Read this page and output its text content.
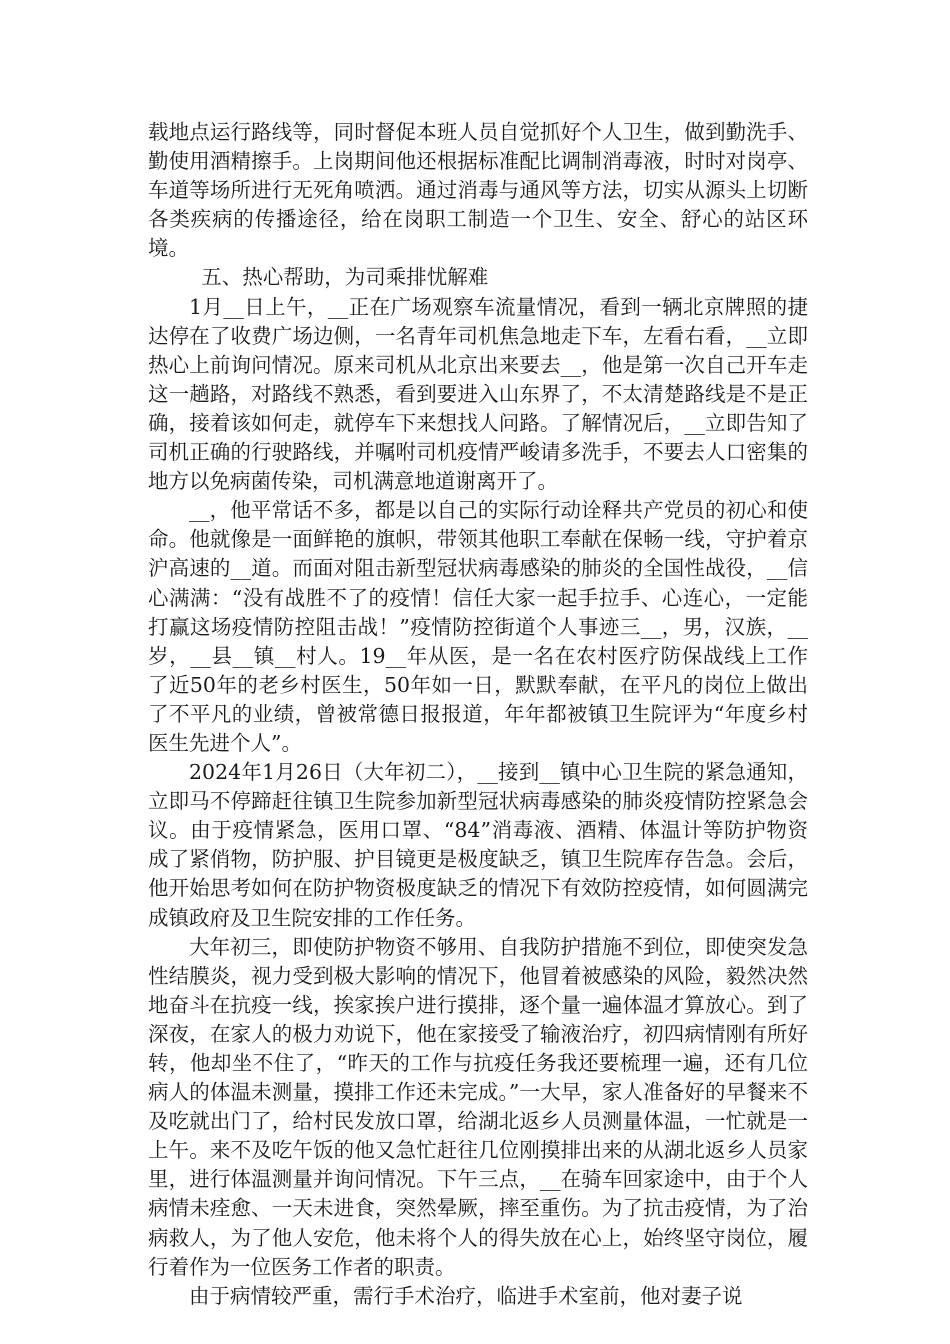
载地点运行路线等，同时督促本班人员自觉抓好个人卫生，做到勤洗手、勤使用酒精擦手。上岗期间他还根据标准配比调制消毒液，时时对岗亭、车道等场所进行无死角喷洒。通过消毒与通风等方法，切实从源头上切断各类疾病的传播途径，给在岗职工制造一个卫生、安全、舒心的站区环境。

五、热心帮助，为司乘排忧解难

1月__日上午，__正在广场观察车流量情况，看到一辆北京牌照的捷达停在了收费广场边侧，一名青年司机焦急地走下车，左看右看，__立即热心上前询问情况。原来司机从北京出来要去__，他是第一次自己开车走这一趟路，对路线不熟悉，看到要进入山东界了，不太清楚路线是不是正确，接着该如何走，就停车下来想找人问路。了解情况后，__立即告知了司机正确的行驶路线，并嘱咐司机疫情严峻请多洗手，不要去人口密集的地方以免病菌传染，司机满意地道谢离开了。

__，他平常话不多，都是以自己的实际行动诠释共产党员的初心和使命。他就像是一面鲜艳的旗帜，带领其他职工奉献在保畅一线，守护着京沪高速的__道。而面对阻击新型冠状病毒感染的肺炎的全国性战役，__信心满满：“没有战胜不了的疫情！信任大家一起手拉手、心连心，一定能打赢这场疫情防控阻击战！”疫情防控街道个人事迹三__，男，汉族，__岁，__县__镇__村人。19__年从医，是一名在农村医疗防保战线上工作了近50年的老乡村医生，50年如一日，默默奉献，在平凡的岗位上做出了不平凡的业绩，曾被常德日报报道，年年都被镇卫生院评为“年度乡村医生先进个人”。

2024年1月26日（大年初二），__接到__镇中心卫生院的紧急通知，立即马不停蹄赶往镇卫生院参加新型冠状病毒感染的肺炎疫情防控紧急会议。由于疫情紧急，医用口罩、“84”消毒液、酒精、体温计等防护物资成了紧俏物，防护服、护目镜更是极度缺乏，镇卫生院库存告急。会后，他开始思考如何在防护物资极度缺乏的情况下有效防控疫情，如何圆满完成镇政府及卫生院安排的工作任务。

大年初三，即使防护物资不够用、自我防护措施不到位，即使突发急性结膜炎，视力受到极大影响的情况下，他冒着被感染的风险，毅然决然地奋斗在抗疫一线，挨家挨户进行摸排，逐个量一遍体温才算放心。到了深夜，在家人的极力劝说下，他在家接受了输液治疗，初四病情刚有所好转，他却坐不住了，“昨天的工作与抗疫任务我还要梳理一遍，还有几位病人的体温未测量，摸排工作还未完成。”一大早，家人准备好的早餐来不及吃就出门了，给村民发放口罩，给湖北返乡人员测量体温，一忙就是一上午。来不及吃午饭的他又急忙赶往几位刚摸排出来的从湖北返乡人员家里，进行体温测量并询问情况。下午三点，__在骑车回家途中，由于个人病情未痊愈、一天未进食，突然晕厥，摔至重伤。为了抗击疫情，为了治病救人，为了他人安危，他未将个人的得失放在心上，始终坚守岗位，履行着作为一位医务工作者的职责。

由于病情较严重，需行手术治疗，临进手术室前，他对妻子说
